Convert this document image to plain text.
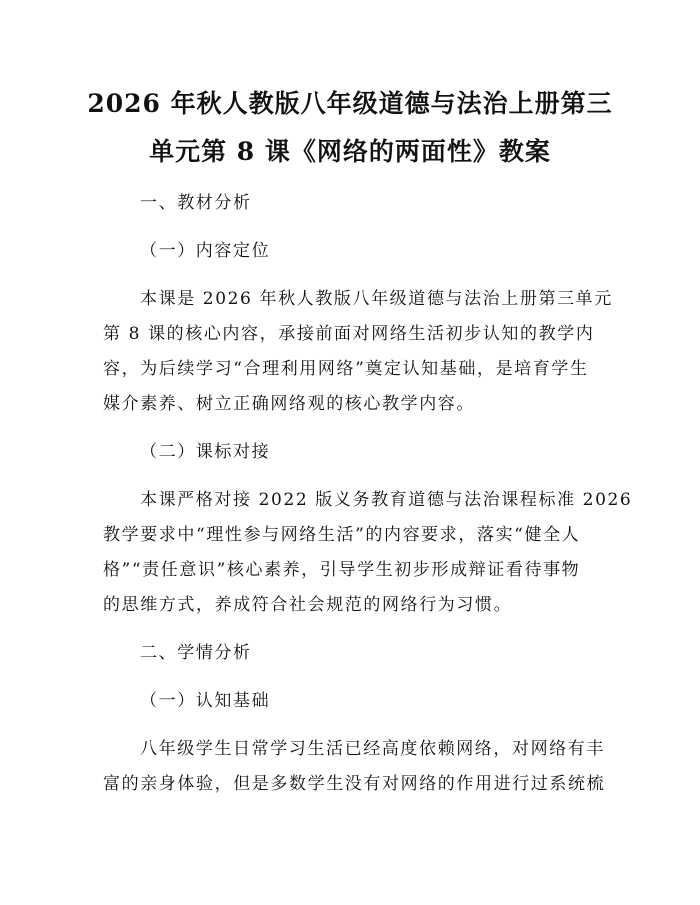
2026 年秋人教版八年级道德与法治上册第三
单元第 8 课《网络的两面性》教案
一、教材分析
（一）内容定位
本课是 2026 年秋人教版八年级道德与法治上册第三单元
第 8 课的核心内容，承接前面对网络生活初步认知的教学内
容，为后续学习“合理利用网络”奠定认知基础，是培育学生
媒介素养、树立正确网络观的核心教学内容。
（二）课标对接
本课严格对接 2022 版义务教育道德与法治课程标准 2026
教学要求中“理性参与网络生活”的内容要求，落实“健全人
格”“责任意识”核心素养，引导学生初步形成辩证看待事物
的思维方式，养成符合社会规范的网络行为习惯。
二、学情分析
（一）认知基础
八年级学生日常学习生活已经高度依赖网络，对网络有丰
富的亲身体验，但是多数学生没有对网络的作用进行过系统梳
